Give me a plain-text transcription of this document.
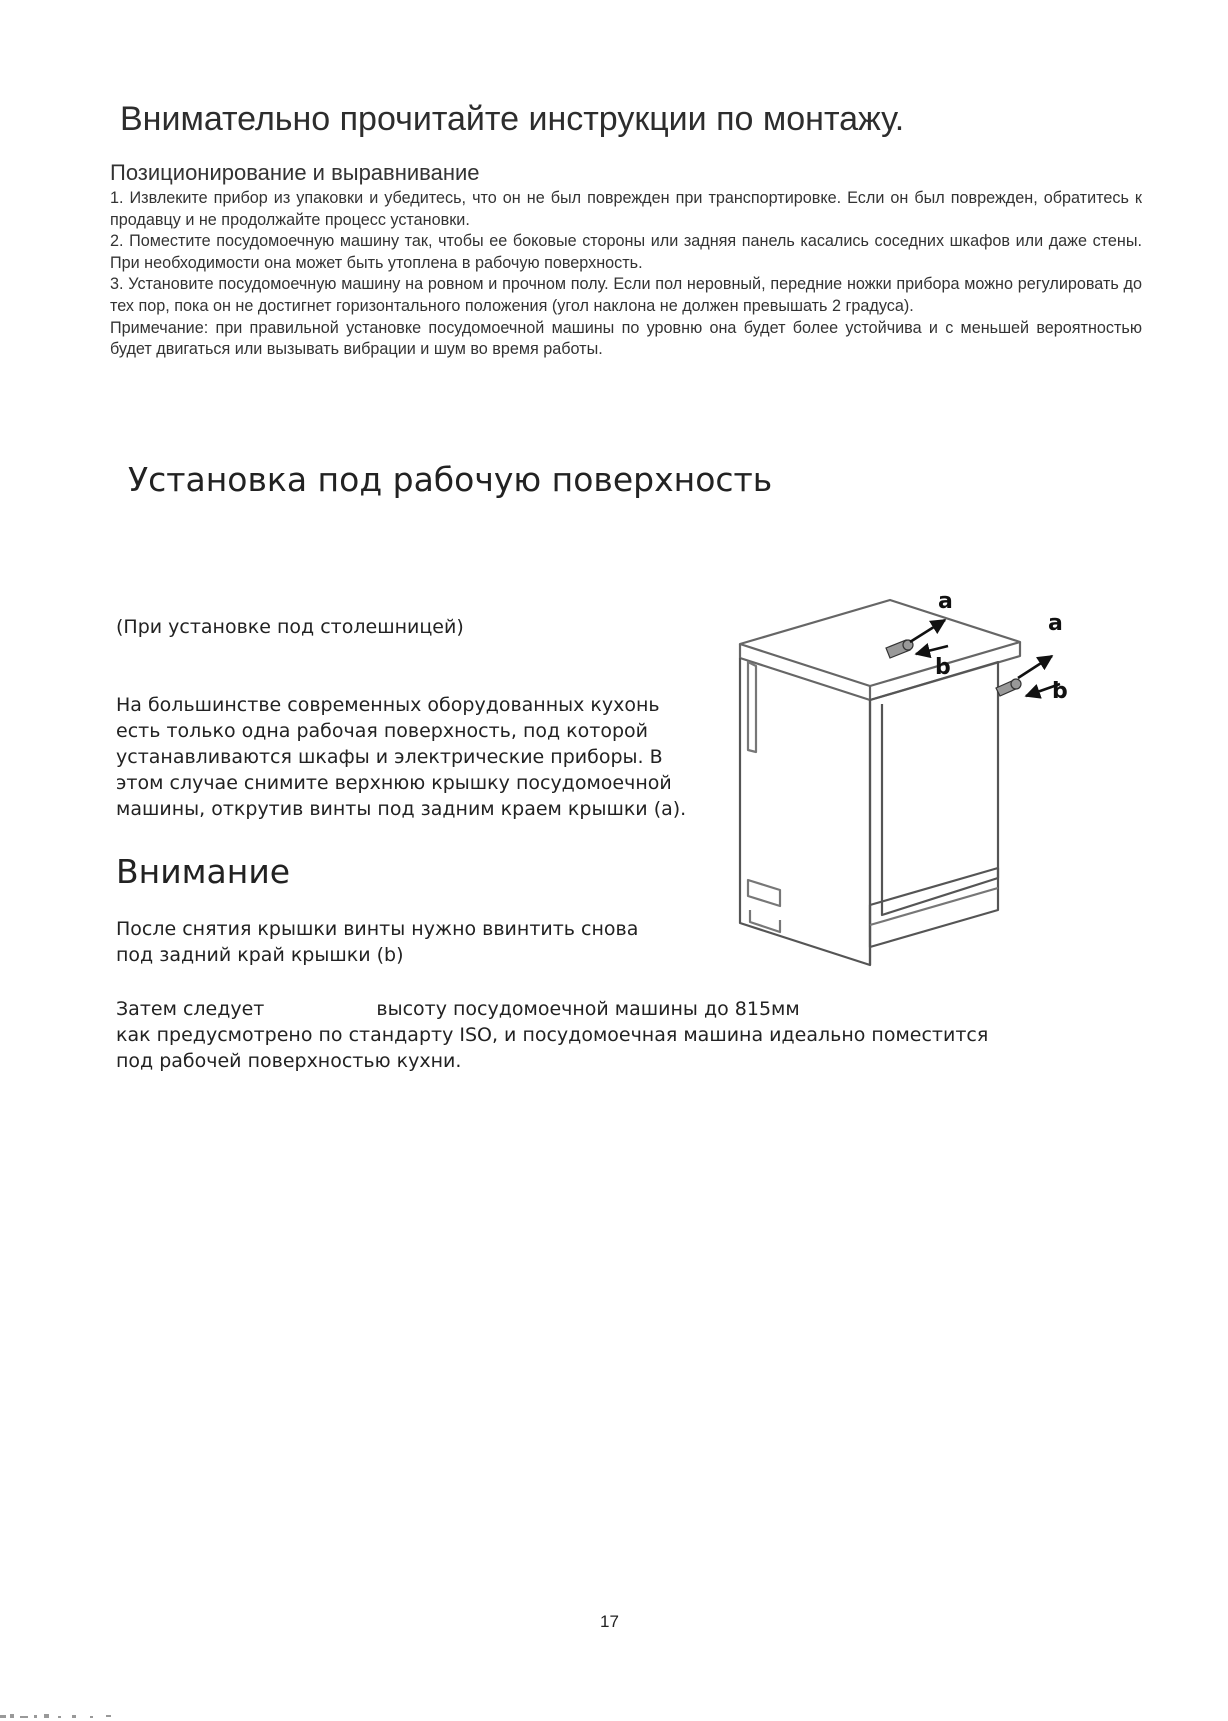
Внимательно прочитайте инструкции по монтажу.
Позиционирование и выравнивание

1. Извлеките прибор из упаковки и убедитесь, что он не был поврежден при транспортировке. Если он был поврежден, обратитесь к продавцу и не продолжайте процесс установки.

2. Поместите посудомоечную машину так, чтобы ее боковые стороны или задняя панель касались соседних шкафов или даже стены. При необходимости она может быть утоплена в рабочую поверхность.

3. Установите посудомоечную машину на ровном и прочном полу. Если пол неровный, передние ножки прибора можно регулировать до тех пор, пока он не достигнет горизонтального положения (угол наклона не должен превышать 2 градуса).

Примечание: при правильной установке посудомоечной машины по уровню она будет более устойчива и с меньшей вероятностью будет двигаться или вызывать вибрации и шум во время работы.

Установка под рабочую поверхность
(При установке под столешницей)
На большинстве современных оборудованных кухонь
есть только одна рабочая поверхность, под которой
устанавливаются шкафы и электрические приборы. В
этом случае снимите верхнюю крышку посудомоечной
машины, открутив винты под задним краем крышки (a).
Внимание
После снятия крышки винты нужно ввинтить снова
под задний край крышки (b)
Затем следует	высоту посудомоечной машины до 815мм
как предусмотрено по стандарту ISO, и посудомоечная машина идеально поместится
под рабочей поверхностью кухни.
a
b
a
b
17
